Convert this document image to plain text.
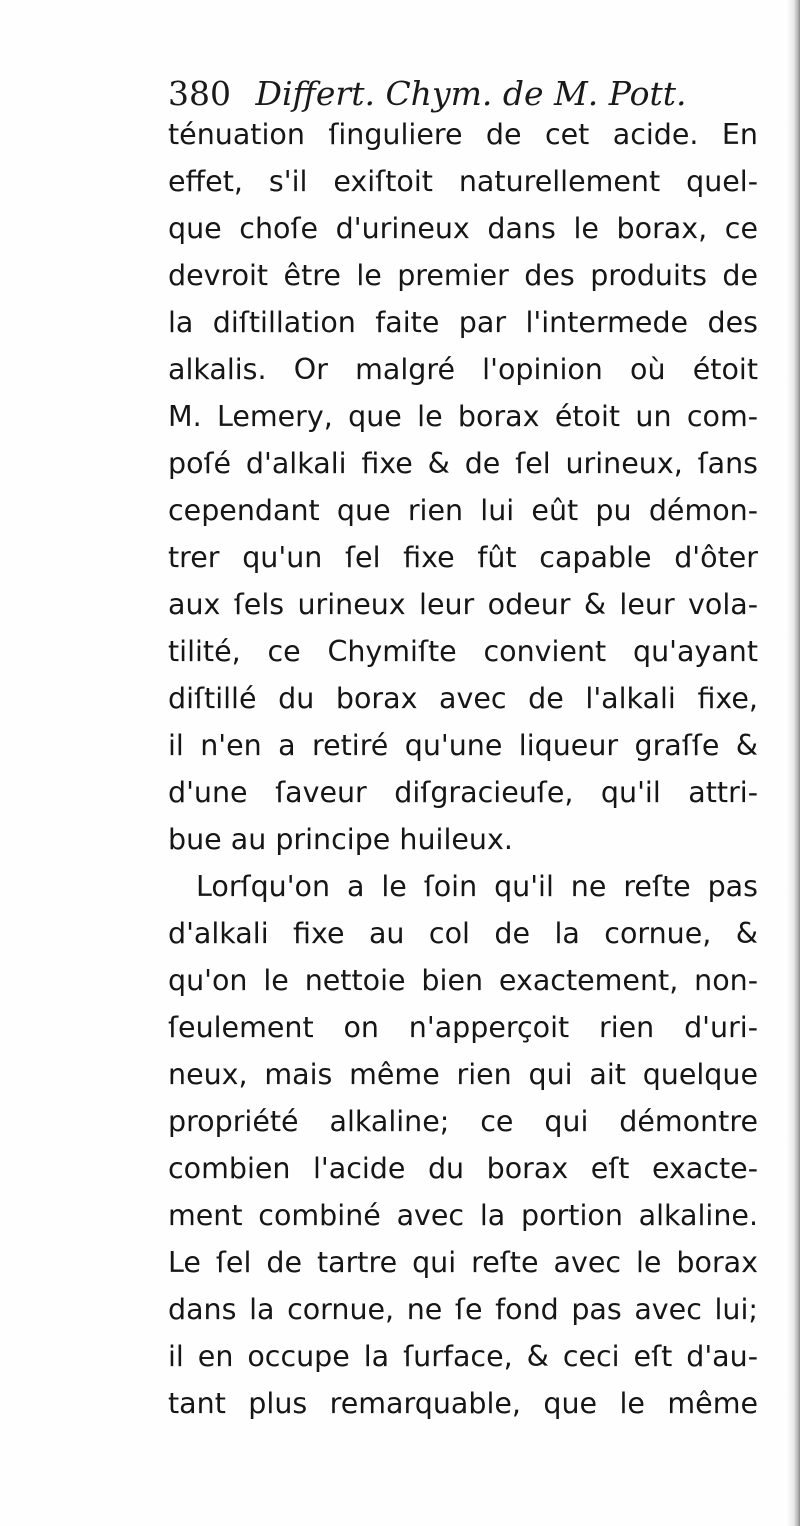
380 Differt. Chym. de M. Pott.
ténuation ſinguliere de cet acide. En
effet, s'il exiſtoit naturellement quel-
que choſe d'urineux dans le borax, ce
devroit être le premier des produits de
la diſtillation faite par l'intermede des
alkalis. Or malgré l'opinion où étoit
M. Lemery, que le borax étoit un com-
poſé d'alkali fixe & de ſel urineux, ſans
cependant que rien lui eût pu démon-
trer qu'un ſel fixe fût capable d'ôter
aux ſels urineux leur odeur & leur vola-
tilité, ce Chymiſte convient qu'ayant
diſtillé du borax avec de l'alkali fixe,
il n'en a retiré qu'une liqueur graſſe &
d'une ſaveur diſgracieuſe, qu'il attri-
bue au principe huileux.
Lorſqu'on a le ſoin qu'il ne reſte pas
d'alkali fixe au col de la cornue, &
qu'on le nettoie bien exactement, non-
ſeulement on n'apperçoit rien d'uri-
neux, mais même rien qui ait quelque
propriété alkaline; ce qui démontre
combien l'acide du borax eſt exacte-
ment combiné avec la portion alkaline.
Le ſel de tartre qui reſte avec le borax
dans la cornue, ne ſe fond pas avec lui;
il en occupe la ſurface, & ceci eſt d'au-
tant plus remarquable, que le même
